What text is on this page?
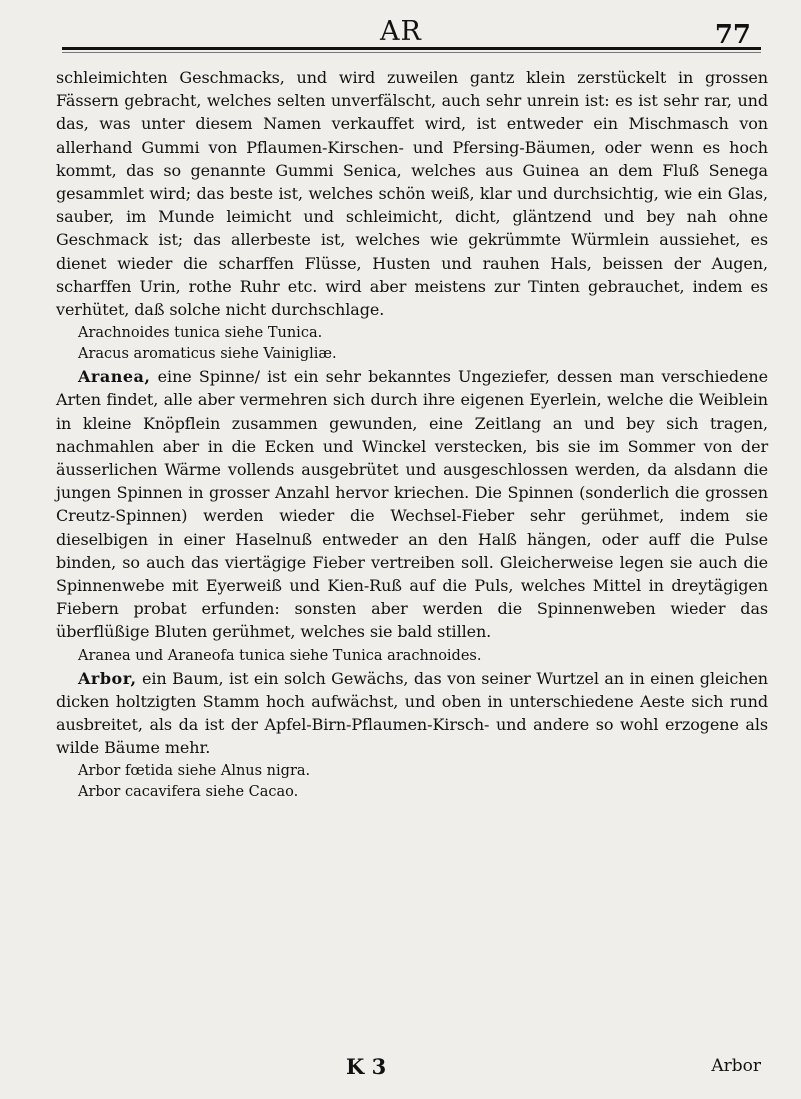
AR	77

schleimichten Geschmacks, und wird zuweilen gantz klein zerstückelt in grossen Fässern gebracht, welches selten unverfälscht, auch sehr unrein ist: es ist sehr rar, und das, was unter diesem Namen verkauffet wird, ist entweder ein Mischmasch von allerhand Gummi von Pflaumen-Kirschen- und Pfersing-Bäumen, oder wenn es hoch kommt, das so genannte Gummi Senica, welches aus Guinea an dem Fluß Senega gesammlet wird; das beste ist, welches schön weiß, klar und durchsichtig, wie ein Glas, sauber, im Munde leimicht und schleimicht, dicht, gläntzend und bey nah ohne Geschmack ist; das allerbeste ist, welches wie gekrümmte Würmlein aussiehet, es dienet wieder die scharffen Flüsse, Husten und rauhen Hals, beissen der Augen, scharffen Urin, rothe Ruhr etc. wird aber meistens zur Tinten gebrauchet, indem es verhütet, daß solche nicht durchschlage.

Arachnoides tunica siehe Tunica.

Aracus aromaticus siehe Vainigliæ.

Aranea, eine Spinne/ ist ein sehr bekanntes Ungeziefer, dessen man verschiedene Arten findet, alle aber vermehren sich durch ihre eigenen Eyerlein, welche die Weiblein in kleine Knöpflein zusammen gewunden, eine Zeitlang an und bey sich tragen, nachmahlen aber in die Ecken und Winckel verstecken, bis sie im Sommer von der äusserlichen Wärme vollends ausgebrütet und ausgeschlossen werden, da alsdann die jungen Spinnen in grosser Anzahl hervor kriechen. Die Spinnen (sonderlich die grossen Creutz-Spinnen) werden wieder die Wechsel-Fieber sehr gerühmet, indem sie dieselbigen in einer Haselnuß entweder an den Halß hängen, oder auff die Pulse binden, so auch das viertägige Fieber vertreiben soll. Gleicherweise legen sie auch die Spinnenwebe mit Eyerweiß und Kien-Ruß auf die Puls, welches Mittel in dreytägigen Fiebern probat erfunden: sonsten aber werden die Spinnenweben wieder das überflüßige Bluten gerühmet, welches sie bald stillen.

Aranea und Araneofa tunica siehe Tunica arachnoides.

Arbor, ein Baum, ist ein solch Gewächs, das von seiner Wurtzel an in einen gleichen dicken holtzigten Stamm hoch aufwächst, und oben in unterschiedene Aeste sich rund ausbreitet, als da ist der Apfel-Birn-Pflaumen-Kirsch- und andere so wohl erzogene als wilde Bäume mehr.

Arbor fœtida siehe Alnus nigra.

Arbor cacavifera siehe Cacao.

K 3	Arbor
